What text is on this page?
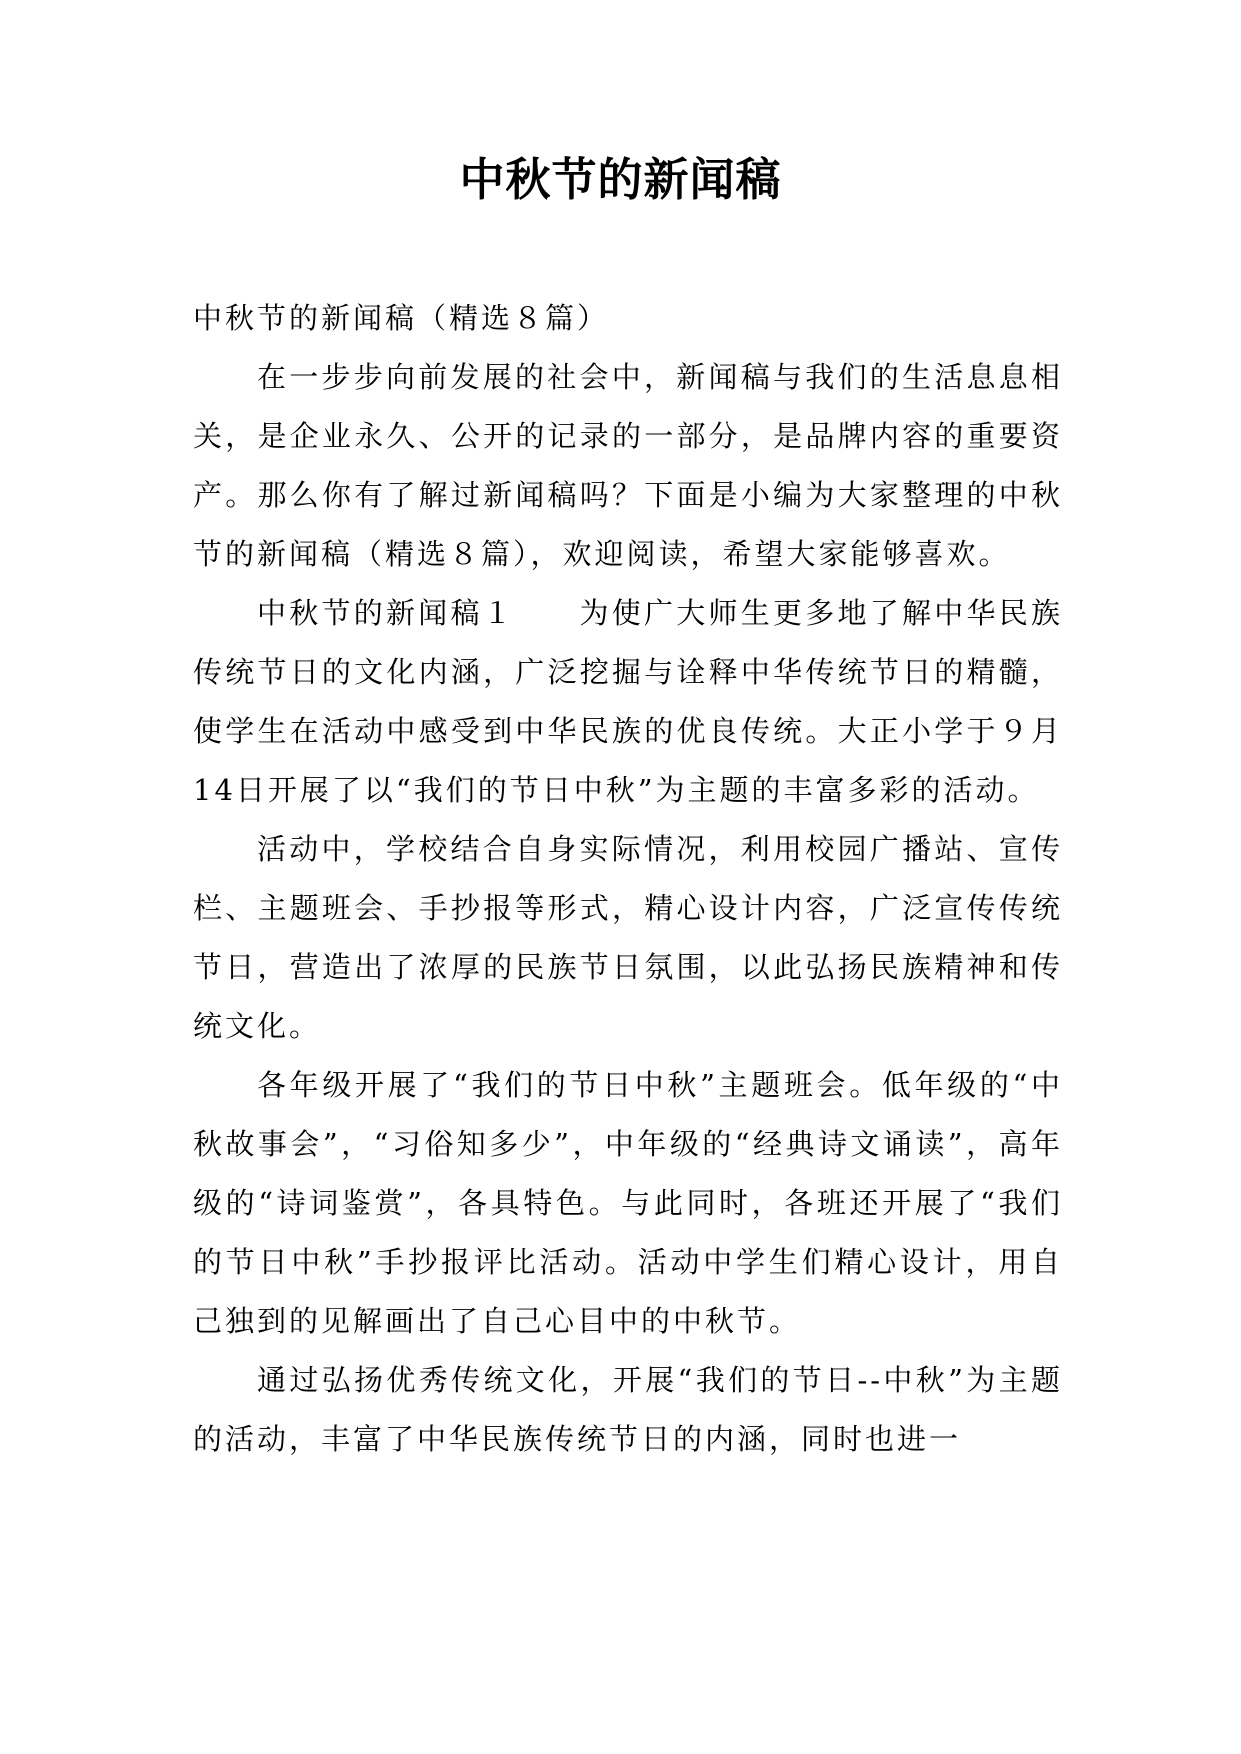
中秋节的新闻稿

中秋节的新闻稿（精选８篇）

在一步步向前发展的社会中，新闻稿与我们的生活息息相关，是企业永久、公开的记录的一部分，是品牌内容的重要资产。那么你有了解过新闻稿吗？下面是小编为大家整理的中秋节的新闻稿（精选８篇），欢迎阅读，希望大家能够喜欢。

中秋节的新闻稿１　　为使广大师生更多地了解中华民族传统节日的文化内涵，广泛挖掘与诠释中华传统节日的精髓，使学生在活动中感受到中华民族的优良传统。大正小学于９月14日开展了以“我们的节日中秋”为主题的丰富多彩的活动。

活动中，学校结合自身实际情况，利用校园广播站、宣传栏、主题班会、手抄报等形式，精心设计内容，广泛宣传传统节日，营造出了浓厚的民族节日氛围，以此弘扬民族精神和传统文化。

各年级开展了“我们的节日中秋”主题班会。低年级的“中秋故事会”，“习俗知多少”，中年级的“经典诗文诵读”，高年级的“诗词鉴赏”，各具特色。与此同时，各班还开展了“我们的节日中秋”手抄报评比活动。活动中学生们精心设计，用自己独到的见解画出了自己心目中的中秋节。

通过弘扬优秀传统文化，开展“我们的节日--中秋”为主题的活动，丰富了中华民族传统节日的内涵，同时也进一
